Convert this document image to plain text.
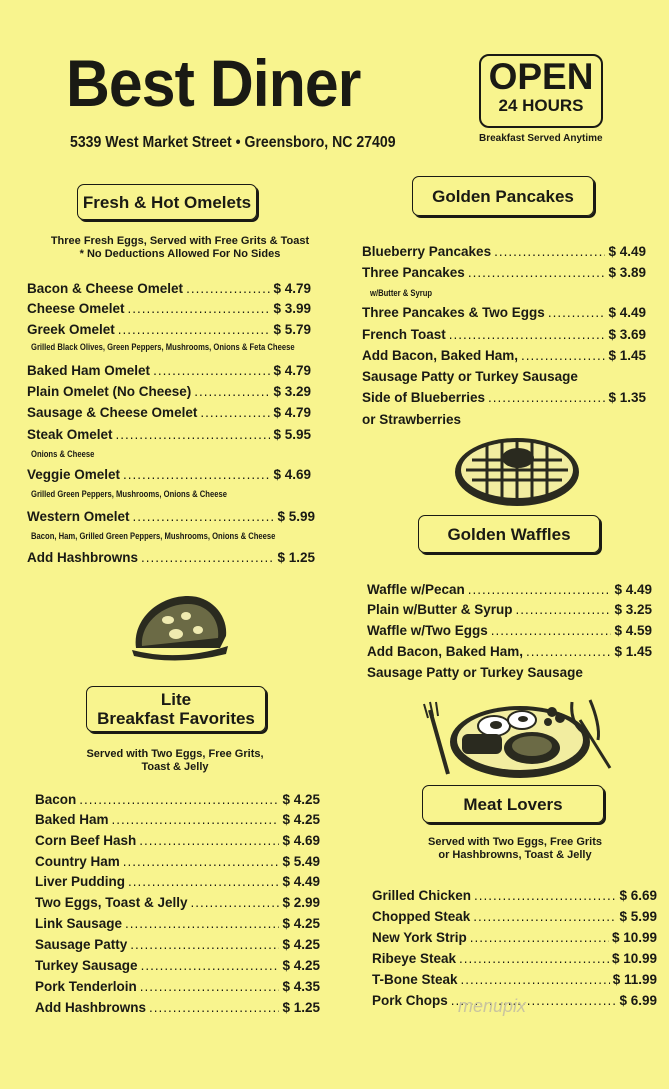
Best Diner
5339 West Market Street • Greensboro, NC 27409
OPEN
24 HOURS
Breakfast Served Anytime
Fresh & Hot Omelets
Three Fresh Eggs, Served with Free Grits & Toast
* No Deductions Allowed For No Sides
Bacon & Cheese Omelet .....	$ 4.79
Cheese Omelet .....	$ 3.99
Greek Omelet .....	$ 5.79
Grilled Black Olives, Green Peppers, Mushrooms, Onions & Feta Cheese
Baked Ham Omelet .....	$ 4.79
Plain Omelet (No Cheese) .....	$ 3.29
Sausage & Cheese Omelet .....	$ 4.79
Steak Omelet .....	$ 5.95
Onions & Cheese
Veggie Omelet .....	$ 4.69
Grilled Green Peppers, Mushrooms, Onions & Cheese
Western Omelet .....	$ 5.99
Bacon, Ham, Grilled Green Peppers, Mushrooms, Onions & Cheese
Add Hashbrowns .....	$ 1.25
Lite
Breakfast Favorites
Served with Two Eggs, Free Grits,
Toast & Jelly
Bacon .....	$ 4.25
Baked Ham .....	$ 4.25
Corn Beef Hash .....	$ 4.69
Country Ham .....	$ 5.49
Liver Pudding .....	$ 4.49
Two Eggs, Toast & Jelly .....	$ 2.99
Link Sausage .....	$ 4.25
Sausage Patty .....	$ 4.25
Turkey Sausage .....	$ 4.25
Pork Tenderloin .....	$ 4.35
Add Hashbrowns .....	$ 1.25
Golden Pancakes
Blueberry Pancakes .....	$ 4.49
Three Pancakes .....	$ 3.89
w/Butter & Syrup
Three Pancakes & Two Eggs .....	$ 4.49
French Toast .....	$ 3.69
Add Bacon, Baked Ham, .....	$ 1.45
Sausage Patty or Turkey Sausage
Side of Blueberries .....	$ 1.35
or Strawberries
Golden Waffles
Waffle w/Pecan .....	$ 4.49
Plain w/Butter & Syrup .....	$ 3.25
Waffle w/Two Eggs .....	$ 4.59
Add Bacon, Baked Ham, .....	$ 1.45
Sausage Patty or Turkey Sausage
Meat Lovers
Served with Two Eggs, Free Grits
or Hashbrowns, Toast & Jelly
Grilled Chicken .....	$ 6.69
Chopped Steak .....	$ 5.99
New York Strip .....	$ 10.99
Ribeye Steak .....	$ 10.99
T-Bone Steak .....	$ 11.99
Pork Chops .....	$ 6.99
menupix
